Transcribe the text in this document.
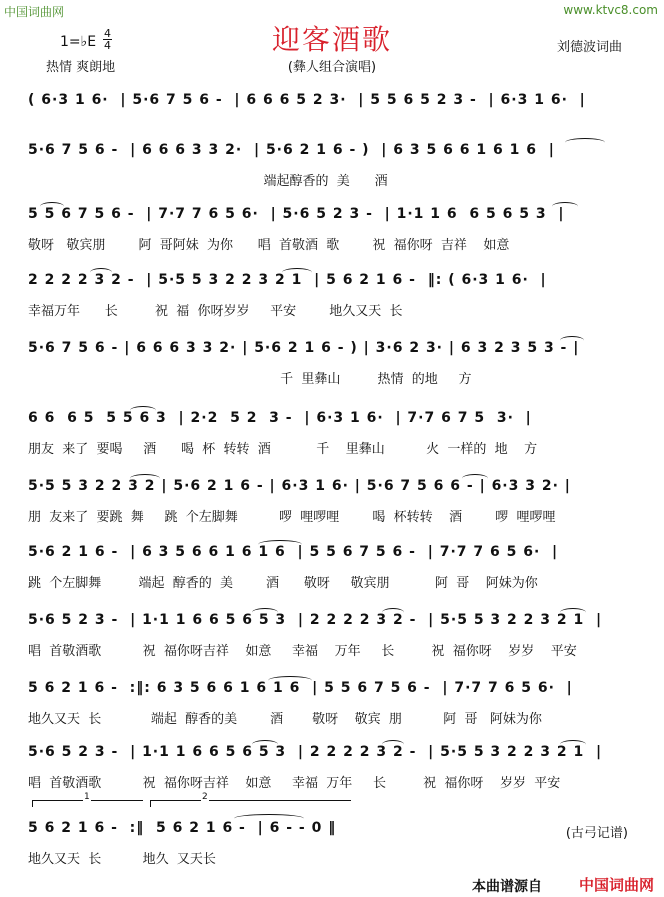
中国词曲网	www.ktvc8.com
迎客酒歌
1=♭E
4
4
热情 爽朗地	(彝人组合演唱)
刘德波词曲
( 6·3 1 6·  | 5·6 7 5 6 -  | 6 6 6 5 2 3·  | 5 5 6 5 2 3 -  | 6·3 1 6·  |
5·6 7 5 6 -  | 6 6 6 3 3 2·  | 5·6 2 1 6 - )  | 6 3 5 6 6 1 6 1 6  |
端起醇香的  美      酒
5 5 6 7 5 6 -  | 7·7 7 6 5 6·  | 5·6 5 2 3 -  | 1·1 1 6  6 5 6 5 3  |
敬呀   敬宾朋        阿  哥阿妹  为你      唱  首敬酒  歌        祝  福你呀  吉祥    如意
2 2 2 2 3 2 -  | 5·5 5 3 2 2 3 2 1  | 5 6 2 1 6 -  ‖: ( 6·3 1 6·  |
幸福万年      长         祝  福  你呀岁岁     平安        地久又天  长
5·6 7 5 6 - | 6 6 6 3 3 2· | 5·6 2 1 6 - ) | 3·6 2 3· | 6 3 2 3 5 3 - |
千  里彝山         热情  的地     方
6 6  6 5  5 5 6 3  | 2·2  5 2  3 -  | 6·3 1 6·  | 7·7 6 7 5  3·  |
朋友  来了  要喝     酒      喝  杯  转转  酒           千    里彝山          火  一样的  地    方
5·5 5 3 2 2 3 2 | 5·6 2 1 6 - | 6·3 1 6· | 5·6 7 5 6 6 - | 6·3 3 2· |
朋  友来了  要跳  舞     跳  个左脚舞          啰  哩啰哩        喝  杯转转    酒        啰  哩啰哩
5·6 2 1 6 -  | 6 3 5 6 6 1 6 1 6  | 5 5 6 7 5 6 -  | 7·7 7 6 5 6·  |
跳  个左脚舞         端起  醇香的  美        酒      敬呀     敬宾朋           阿  哥    阿妹为你
5·6 5 2 3 -  | 1·1 1 6 6 5 6 5 3  | 2 2 2 2 3 2 -  | 5·5 5 3 2 2 3 2 1  |
唱  首敬酒歌          祝  福你呀吉祥    如意     幸福    万年     长         祝  福你呀    岁岁    平安
5 6 2 1 6 -  :‖: 6 3 5 6 6 1 6 1 6  | 5 5 6 7 5 6 -  | 7·7 7 6 5 6·  |
地久又天  长            端起  醇香的美        酒       敬呀    敬宾  朋          阿  哥   阿妹为你
5·6 5 2 3 -  | 1·1 1 6 6 5 6 5 3  | 2 2 2 2 3 2 -  | 5·5 5 3 2 2 3 2 1  |
唱  首敬酒歌          祝  福你呀吉祥    如意     幸福  万年     长         祝  福你呀    岁岁  平安
5 6 2 1 6 -  :‖  5 6 2 1 6 -  | 6 - - 0 ‖
地久又天  长          地久  又天长
1	2
(古弓记谱)
本曲谱源自 中国词曲网
